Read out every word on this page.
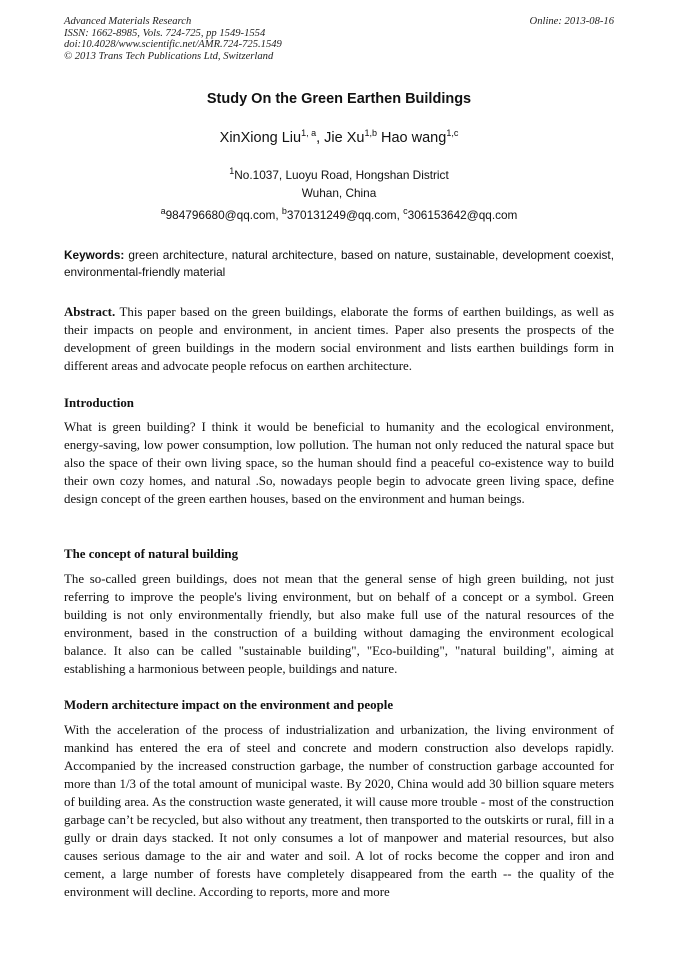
Advanced Materials Research
ISSN: 1662-8985, Vols. 724-725, pp 1549-1554
doi:10.4028/www.scientific.net/AMR.724-725.1549
© 2013 Trans Tech Publications Ltd, Switzerland
Online: 2013-08-16
Study On the Green Earthen Buildings
XinXiong Liu$^{1, a}$, Jie Xu$^{1,b}$ Hao wang$^{1,c}$
$^1$No.1037, Luoyu Road, Hongshan District
Wuhan, China
$^a$984796680@qq.com, $^b$370131249@qq.com, $^c$306153642@qq.com
Keywords: green architecture, natural architecture, based on nature, sustainable, development coexist, environmental-friendly material

Abstract. This paper based on the green buildings, elaborate the forms of earthen buildings, as well as their impacts on people and environment, in ancient times. Paper also presents the prospects of the development of green buildings in the modern social environment and lists earthen buildings form in different areas and advocate people refocus on earthen architecture.

Introduction

What is green building? I think it would be beneficial to humanity and the ecological environment, energy-saving, low power consumption, low pollution. The human not only reduced the natural space but also the space of their own living space, so the human should find a peaceful co-existence way to build their own cozy homes, and natural .So, nowadays people begin to advocate green living space, define design concept of the green earthen houses, based on the environment and human beings.

The concept of natural building

The so-called green buildings, does not mean that the general sense of high green building, not just referring to improve the people's living environment, but on behalf of a concept or a symbol. Green building is not only environmentally friendly, but also make full use of the natural resources of the environment, based in the construction of a building without damaging the environment ecological balance. It also can be called "sustainable building", "Eco-building", "natural building", aiming at establishing a harmonious between people, buildings and nature.

Modern architecture impact on the environment and people

With the acceleration of the process of industrialization and urbanization, the living environment of mankind has entered the era of steel and concrete and modern construction also develops rapidly. Accompanied by the increased construction garbage, the number of construction garbage accounted for more than 1/3 of the total amount of municipal waste. By 2020, China would add 30 billion square meters of building area. As the construction waste generated, it will cause more trouble - most of the construction garbage can’t be recycled, but also without any treatment, then transported to the outskirts or rural, fill in a gully or drain days stacked. It not only consumes a lot of manpower and material resources, but also causes serious damage to the air and water and soil. A lot of rocks become the copper and iron and cement, a large number of forests have completely disappeared from the earth -- the quality of the environment will decline. According to reports, more and more
